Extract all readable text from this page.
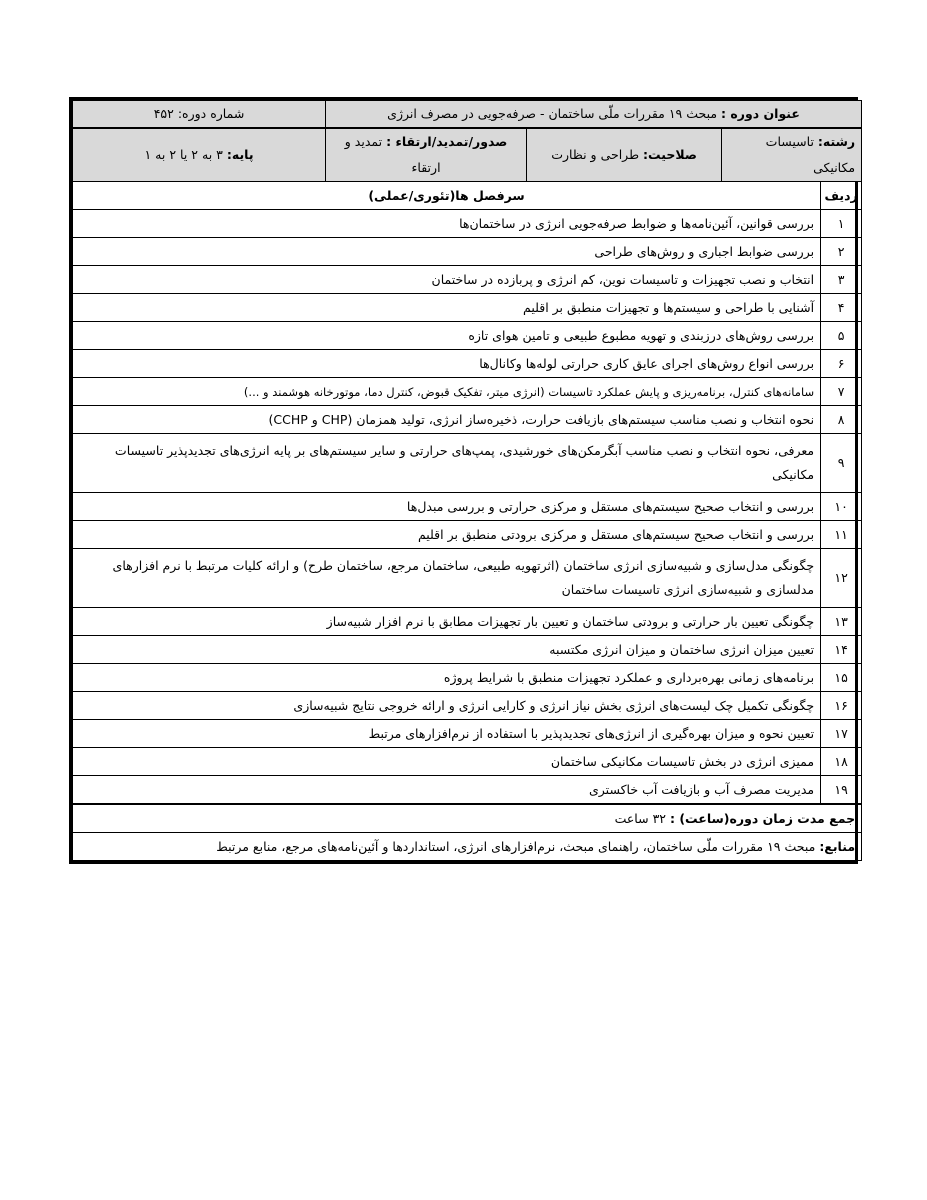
عنوان دوره : مبحث ۱۹ مقررات ملّی ساختمان - صرفه‌جویی در مصرف انرژی				شماره دوره: ۴۵۲
رشته: تاسیسات مکانیکی		صلاحیت: طراحی و نظارت	صدور/تمدید/ارتقاء : تمدید و ارتقاء	پایه: ۳ به ۲ یا ۲ به ۱
ردیف	سرفصل ها(تئوری/عملی)			
۱	بررسی قوانین، آئین‌نامه‌ها و ضوابط صرفه‌جویی انرژی در ساختمان‌ها			
۲	بررسی ضوابط اجباری و روش‌های طراحی			
۳	انتخاب و نصب تجهیزات و تاسیسات نوین، کم انرژی و پربازده در ساختمان			
۴	آشنایی با طراحی و سیستم‌ها و تجهیزات منطبق بر اقلیم			
۵	بررسی روش‌های درزبندی و تهویه مطبوع طبیعی و تامین هوای تازه			
۶	بررسی انواع روش‌های اجرای عایق کاری حرارتی لوله‌ها وکانال‌ها			
۷	سامانه‌های کنترل، برنامه‌ریزی و پایش عملکرد تاسیسات (انرژی میتر، تفکیک قبوض، کنترل دما، موتورخانه هوشمند و ...)			
۸	نحوه انتخاب و نصب مناسب سیستم‌های بازیافت حرارت، ذخیره‌ساز انرژی، تولید همزمان (CHP و CCHP)			
۹	معرفی، نحوه انتخاب و نصب مناسب آبگرمکن‌های خورشیدی، پمپ‌های حرارتی و سایر سیستم‌های بر پایه انرژی‌های تجدیدپذیر تاسیسات مکانیکی			
۱۰	بررسی و انتخاب صحیح سیستم‌های مستقل و مرکزی حرارتی و بررسی مبدل‌ها			
۱۱	بررسی و انتخاب صحیح سیستم‌های مستقل و مرکزی برودتی منطبق بر اقلیم			
۱۲	چگونگی مدل‌سازی و شبیه‌سازی انرژی ساختمان (اثرتهویه طبیعی، ساختمان مرجع، ساختمان طرح) و ارائه کلیات مرتبط با نرم افزارهای مدلسازی و شبیه‌سازی انرژی تاسیسات ساختمان			
۱۳	چگونگی تعیین بار حرارتی و برودتی ساختمان و تعیین بار تجهیزات مطابق با نرم افزار شبیه‌ساز			
۱۴	تعیین میزان انرژی ساختمان و میزان انرژی مکتسبه			
۱۵	برنامه‌های زمانی بهره‌برداری و عملکرد تجهیزات منطبق با شرایط پروژه			
۱۶	چگونگی تکمیل چک لیست‌های انرژی بخش نیاز انرژی و کارایی انرژی و ارائه خروجی نتایج شبیه‌سازی			
۱۷	تعیین نحوه و میزان بهره‌گیری از انرژی‌های تجدیدپذیر با استفاده از نرم‌افزارهای مرتبط			
۱۸	ممیزی انرژی در بخش تاسیسات مکانیکی ساختمان			
۱۹	مدیریت مصرف آب و بازیافت آب خاکستری			
جمع مدت زمان دوره(ساعت) : ۳۲ ساعت				
منابع: مبحث ۱۹ مقررات ملّی ساختمان، راهنمای مبحث، نرم‌افزارهای انرژی، استانداردها و آئین‌نامه‌های مرجع، منابع مرتبط				
